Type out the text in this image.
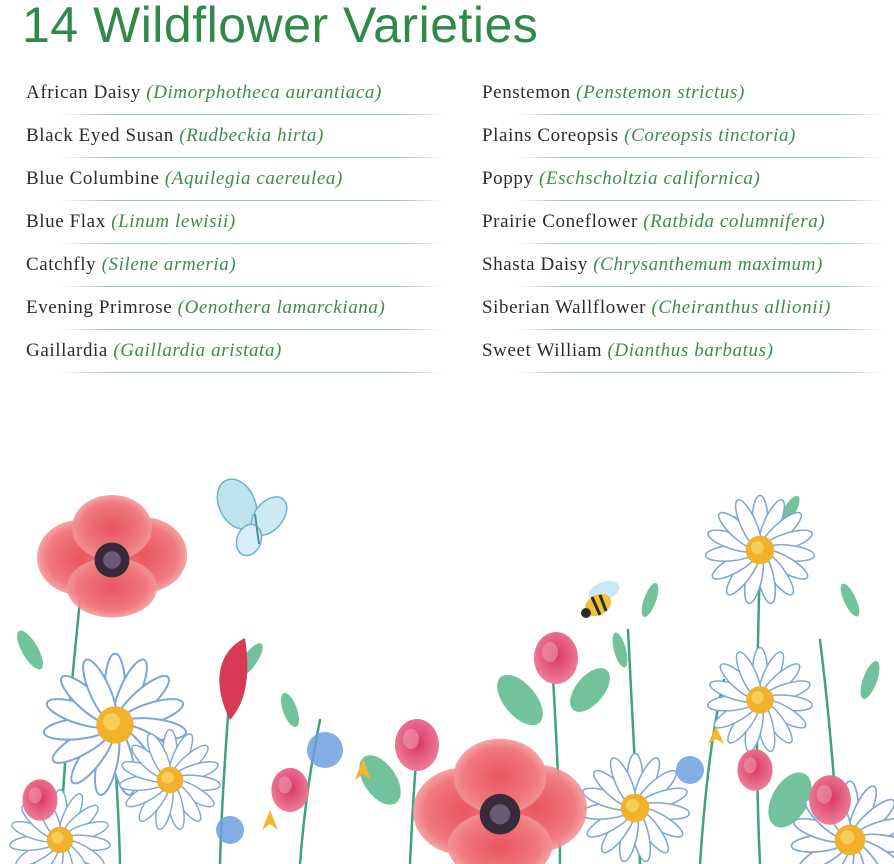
14 Wildflower Varieties
African Daisy (Dimorphotheca aurantiaca)
Black Eyed Susan (Rudbeckia hirta)
Blue Columbine (Aquilegia caereulea)
Blue Flax (Linum lewisii)
Catchfly (Silene armeria)
Evening Primrose (Oenothera lamarckiana)
Gaillardia (Gaillardia aristata)
Penstemon (Penstemon strictus)
Plains Coreopsis (Coreopsis tinctoria)
Poppy (Eschscholtzia californica)
Prairie Coneflower (Ratbida columnifera)
Shasta Daisy (Chrysanthemum maximum)
Siberian Wallflower (Cheiranthus allionii)
Sweet William (Dianthus barbatus)
